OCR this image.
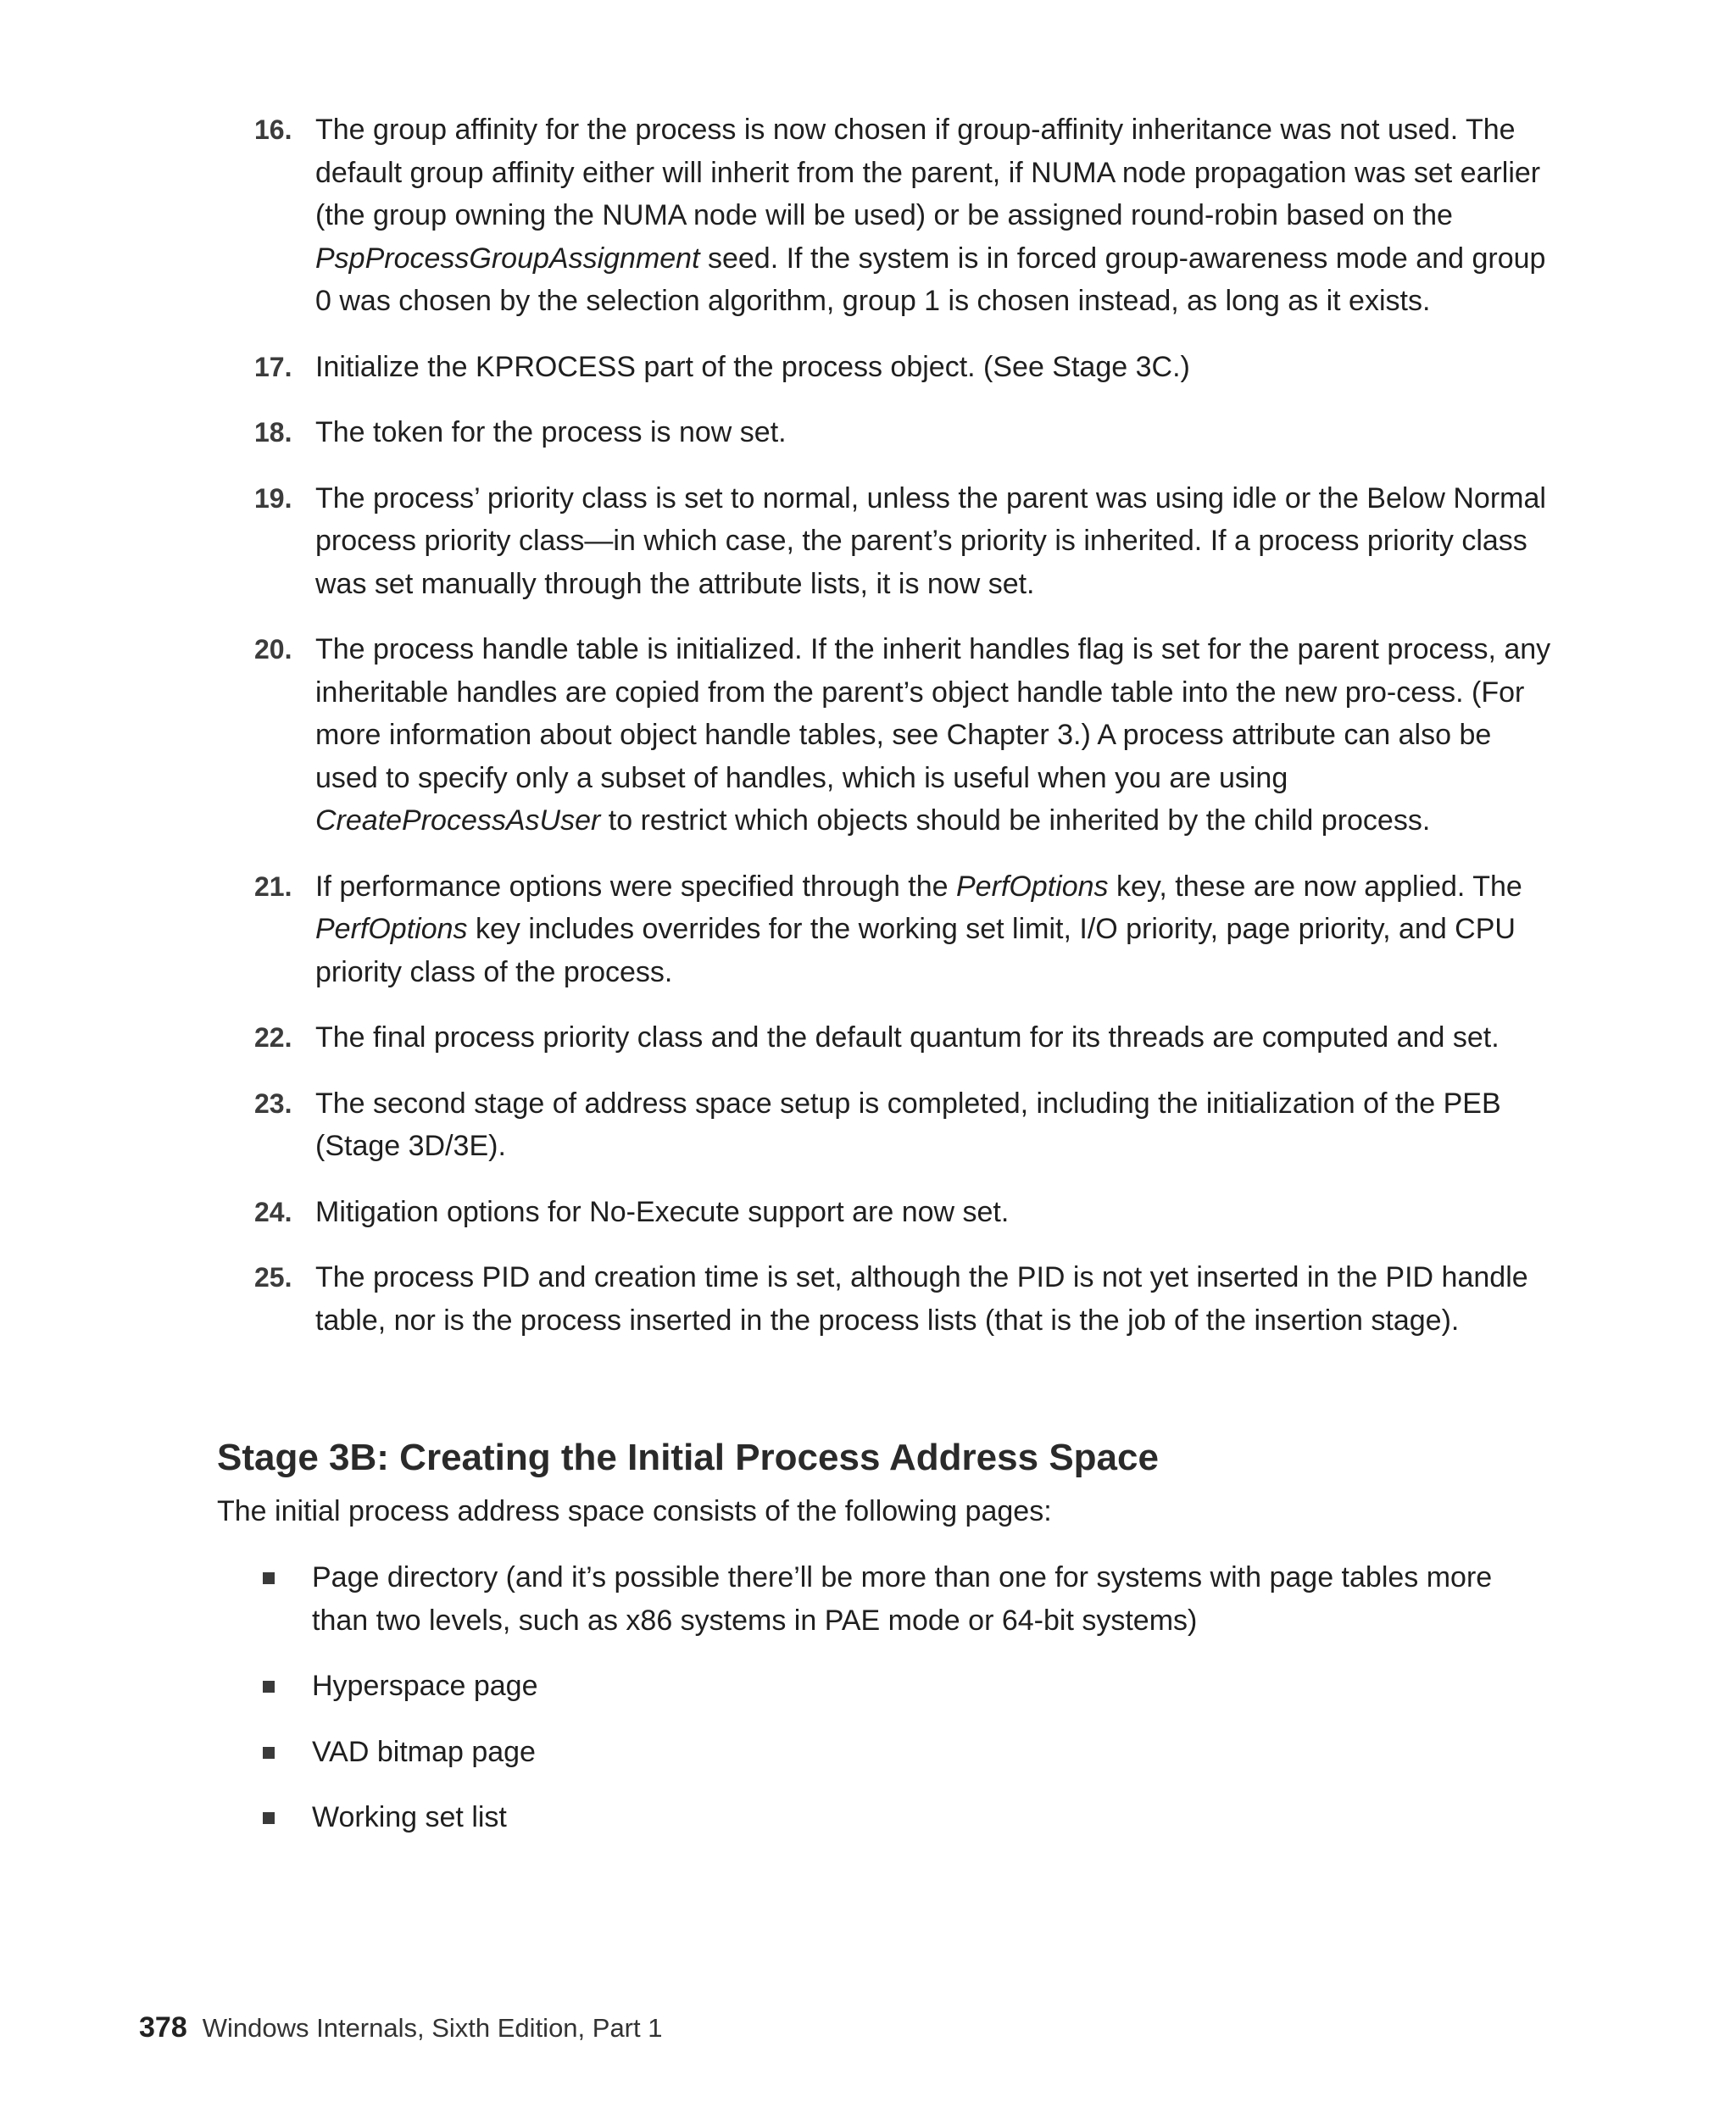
16. The group affinity for the process is now chosen if group-affinity inheritance was not used. The default group affinity either will inherit from the parent, if NUMA node propagation was set earlier (the group owning the NUMA node will be used) or be assigned round-robin based on the PspProcessGroupAssignment seed. If the system is in forced group-awareness mode and group 0 was chosen by the selection algorithm, group 1 is chosen instead, as long as it exists.
17. Initialize the KPROCESS part of the process object. (See Stage 3C.)
18. The token for the process is now set.
19. The process’ priority class is set to normal, unless the parent was using idle or the Below Normal process priority class—in which case, the parent’s priority is inherited. If a process priority class was set manually through the attribute lists, it is now set.
20. The process handle table is initialized. If the inherit handles flag is set for the parent process, any inheritable handles are copied from the parent’s object handle table into the new pro-cess. (For more information about object handle tables, see Chapter 3.) A process attribute can also be used to specify only a subset of handles, which is useful when you are using CreateProcessAsUser to restrict which objects should be inherited by the child process.
21. If performance options were specified through the PerfOptions key, these are now applied. The PerfOptions key includes overrides for the working set limit, I/O priority, page priority, and CPU priority class of the process.
22. The final process priority class and the default quantum for its threads are computed and set.
23. The second stage of address space setup is completed, including the initialization of the PEB (Stage 3D/3E).
24. Mitigation options for No-Execute support are now set.
25. The process PID and creation time is set, although the PID is not yet inserted in the PID handle table, nor is the process inserted in the process lists (that is the job of the insertion stage).
Stage 3B: Creating the Initial Process Address Space

The initial process address space consists of the following pages:

Page directory (and it’s possible there’ll be more than one for systems with page tables more than two levels, such as x86 systems in PAE mode or 64-bit systems)
Hyperspace page
VAD bitmap page
Working set list
378 Windows Internals, Sixth Edition, Part 1
